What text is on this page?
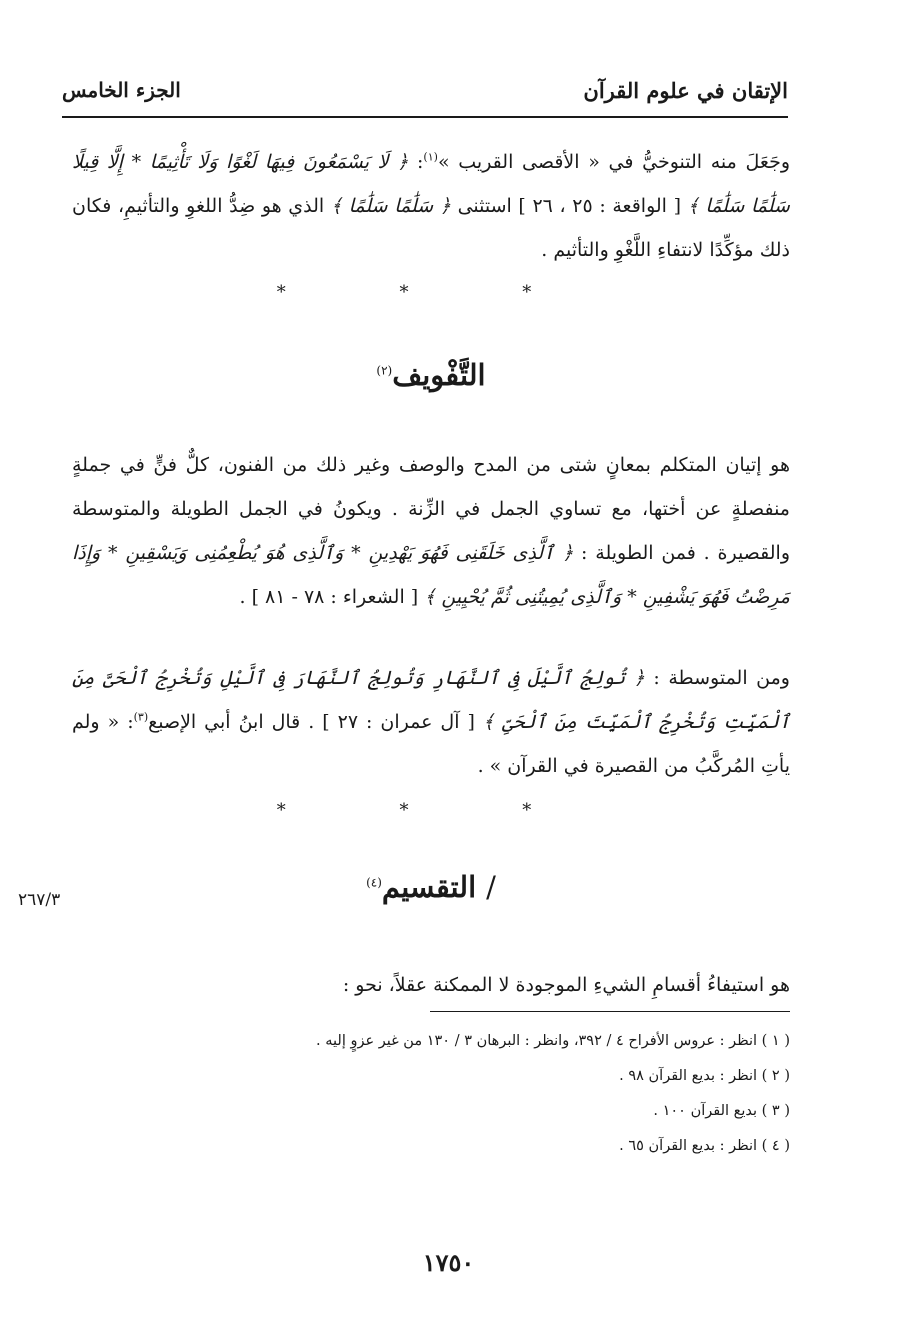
الإتقان في علوم القرآن
الجزء الخامس

وجَعَلَ منه التنوخيُّ في « الأقصى القريب »$^{(١)}$: ﴿ لَا يَسْمَعُونَ فِيهَا لَغْوًا وَلَا تَأْثِيمًا * إِلَّا قِيلًا سَلَٰمًا سَلَٰمًا ﴾ [ الواقعة : ٢٥ ، ٢٦ ] استثنى ﴿ سَلَٰمًا سَلَٰمًا ﴾ الذي هو ضِدُّ اللغوِ والتأثيمِ، فكان ذلك مؤكِّدًا لانتفاءِ اللَّغْوِ والتأثيم .

* * *
التَّفْويف$^{(٢)}$

هو إتيان المتكلم بمعانٍ شتى من المدح والوصف وغير ذلك من الفنون، كلٌّ فنٍّ في جملةٍ منفصلةٍ عن أختها، مع تساوي الجمل في الزِّنة . ويكونُ في الجمل الطويلة والمتوسطة والقصيرة . فمن الطويلة : ﴿ ٱلَّذِى خَلَقَنِى فَهُوَ يَهْدِينِ * وَٱلَّذِى هُوَ يُطْعِمُنِى وَيَسْقِينِ * وَإِذَا مَرِضْتُ فَهُوَ يَشْفِينِ * وَٱلَّذِى يُمِيتُنِى ثُمَّ يُحْيِينِ ﴾ [ الشعراء : ٧٨ - ٨١ ] .

ومن المتوسطة : ﴿ تُولِجُ ٱلَّيْلَ فِى ٱلنَّهَارِ وَتُولِجُ ٱلنَّهَارَ فِى ٱلَّيْلِ وَتُخْرِجُ ٱلْحَىَّ مِنَ ٱلْمَيِّتِ وَتُخْرِجُ ٱلْمَيِّتَ مِنَ ٱلْحَىِّ ﴾ [ آل عمران : ٢٧ ] . قال ابنُ أبي الإصبع$^{(٣)}$: « ولم يأتِ المُركَّبُ من القصيرة في القرآن » .

* * *
٢٦٧/٣	/التقسيم$^{(٤)}$

هو استيفاءُ أقسامِ الشيءِ الموجودة لا الممكنة عقلاً، نحو :

( ١ ) انظر : عروس الأفراح ٤ / ٣٩٢، وانظر : البرهان ٣ / ١٣٠ من غير عزوٍ إليه .
( ٢ ) انظر : بديع القرآن ٩٨ .
( ٣ ) بديع القرآن ١٠٠ .
( ٤ ) انظر : بديع القرآن ٦٥ .
١٧٥٠
